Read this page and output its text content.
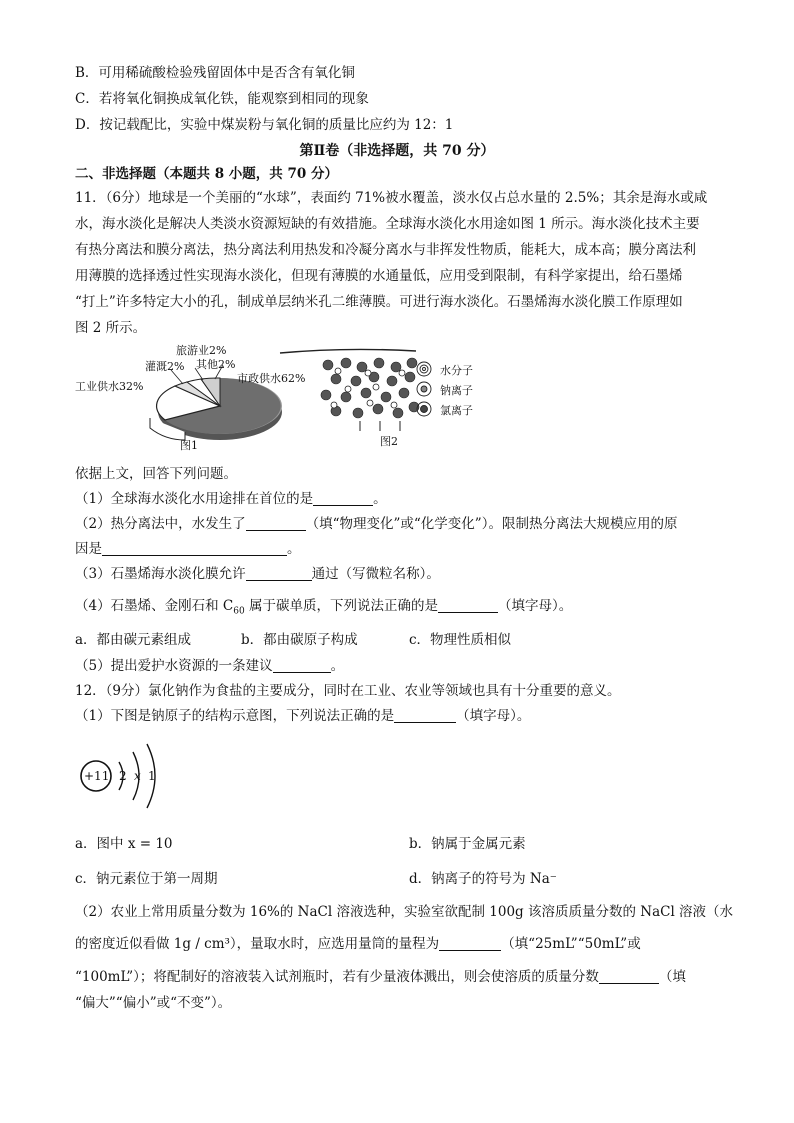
B．可用稀硫酸检验残留固体中是否含有氧化铜
C．若将氧化铜换成氧化铁，能观察到相同的现象
D．按记载配比，实验中煤炭粉与氧化铜的质量比应约为 12：1
第Ⅱ卷（非选择题，共 70 分）
二、非选择题（本题共 8 小题，共 70 分）
11．（6分）地球是一个美丽的“水球”，表面约 71%被水覆盖，淡水仅占总水量的 2.5%；其余是海水或咸
水，海水淡化是解决人类淡水资源短缺的有效措施。全球海水淡化水用途如图 1 所示。海水淡化技术主要
有热分离法和膜分离法，热分离法利用热发和冷凝分离水与非挥发性物质，能耗大，成本高；膜分离法利
用薄膜的选择透过性实现海水淡化，但现有薄膜的水通量低，应用受到限制，有科学家提出，给石墨烯
“打上”许多特定大小的孔，制成单层纳米孔二维薄膜。可进行海水淡化。石墨烯海水淡化膜工作原理如
图 2 所示。
旅游业2%
灌溉2% 其他2%
工业供水32%
市政供水62%
图1
水分子
钠离子
氯离子
图2
依据上文，回答下列问题。
（1）全球海水淡化水用途排在首位的是	。
（2）热分离法中，水发生了	（填“物理变化”或“化学变化”）。限制热分离法大规模应用的原
因是	。
（3）石墨烯海水淡化膜允许	通过（写微粒名称）。
（4）石墨烯、金刚石和 $C_{60}$ 属于碳单质，下列说法正确的是	（填字母）。
a．都由碳元素组成	b．都由碳原子构成	c．物理性质相似
（5）提出爱护水资源的一条建议	。
12．（9分）氯化钠作为食盐的主要成分，同时在工业、农业等领域也具有十分重要的意义。
（1）下图是钠原子的结构示意图，下列说法正确的是	（填字母）。
+11 2 x 1
a．图中 x = 10	b．钠属于金属元素
c．钠元素位于第一周期	d．钠离子的符号为 Na⁻
（2）农业上常用质量分数为 16%的 NaCl 溶液选种，实验室欲配制 100g 该溶质质量分数的 NaCl 溶液（水
的密度近似看做 1g / cm³），量取水时，应选用量筒的量程为	（填“25mL”“50mL”或
“100mL”）；将配制好的溶液装入试剂瓶时，若有少量液体溅出，则会使溶质的质量分数	（填
“偏大”“偏小”或“不变”）。
